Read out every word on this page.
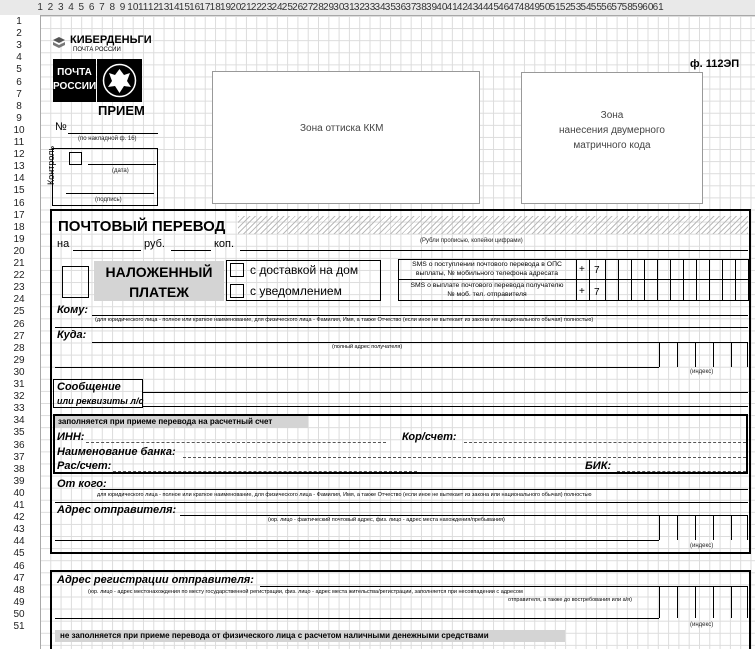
1 2 3 4 5 6 7 8 9 10 11 12 13 14 15 16 17 18 19 20 21 22 23 24 25 26 27 28 29 30 31 32 33 34 35 36 37 38 39 40 41 42 43 44 45 46 47 48 49 50 51 52 53 54 55 56 57 58 59 60 61
1
2
3
4
5
6
7
8
9
10
11
12
13
14
15
16
17
18
19
20
21
22
23
24
25
26
27
28
29
30
31
32
33
34
35
36
37
38
39
40
41
42
43
44
45
46
47
48
49
50
51
КИБЕРДЕНЬГИ
ПОЧТА РОССИИ
ПОЧТА
РОССИИ
ПРИЕМ
ф. 112ЭП
№
(по накладной ф. 16)
Контроль	(дата)
(подпись)
Зона оттиска ККМ
Зона
нанесения двумерного
матричного кода
ПОЧТОВЫЙ ПЕРЕВОД
на	руб.	коп.	(Рубли прописью, копейки цифрами)
НАЛОЖЕННЫЙ
ПЛАТЕЖ
с доставкой на дом
с уведомлением
SMS о поступлении почтового перевода в ОПС
выплаты, № мобильного телефона адресата
SMS о выплате почтового перевода получателю
№ моб. тел. отправителя
+ 7
+ 7
Кому:
(для юридического лица - полное или краткое наименование, для физического лица - Фамилия, Имя, а также Отчество (если иное не вытекает из закона или национального обычая) полностью)
Куда:
(полный адрес получателя)
(индекс)
Сообщение
или реквизиты л/с
заполняется при приеме перевода на расчетный счет
ИНН:	Кор/счет:
Наименование банка:
Рас/счет:	БИК:
От кого:
для юридического лица - полное или краткое наименование, для физического лица - Фамилия, Имя, а также Отчество (если иное не вытекает из закона или национального обычая) полностью
Адрес отправителя:
(юр. лицо - фактический почтовый адрес, физ. лицо - адрес места нахождения/пребывания)
(индекс)
Адрес регистрации отправителя:
(юр. лицо - адрес местонахождения по месту государственной регистрации, физ. лицо - адрес места жительства/регистрации, заполняется при несовпадении с адресом
отправителя, а также до востребования или а/я)
(индекс)
не заполняется при приеме перевода от физического лица с расчетом наличными денежными средствами
